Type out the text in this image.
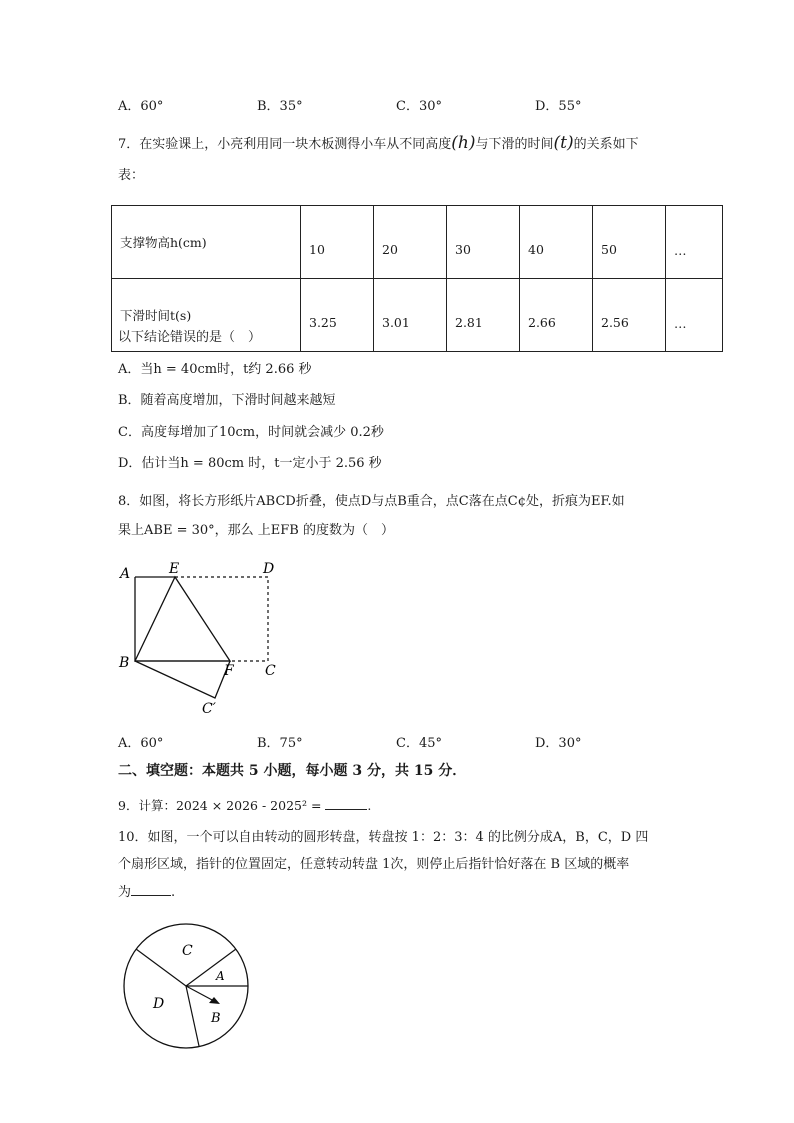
A．60°	B．35°	C．30°	D．55°
7．在实验课上，小亮利用同一块木板测得小车从不同高度(h)与下滑的时间(t)的关系如下
表：
支撑物高h(cm)	10	20	30	40	50	…
下滑时间t(s)	3.25	3.01	2.81	2.66	2.56	…
以下结论错误的是（　）
A．当h = 40cm时，t约 2.66 秒
B．随着高度增加，下滑时间越来越短
C．高度每增加了10cm，时间就会减少 0.2秒
D．估计当h = 80cm 时，t一定小于 2.56 秒
8．如图，将长方形纸片ABCD折叠，使点D与点B重合，点C落在点C¢处，折痕为EF.如
果上ABE = 30°，那么 上EFB 的度数为（　）
A	E	D
B	F C
C′
A．60°	B．75°	C．45°	D．30°
二、填空题：本题共 5 小题，每小题 3 分，共 15 分．
9．计算：2024 × 2026 - 2025² =	.
10．如图，一个可以自由转动的圆形转盘，转盘按 1：2：3：4 的比例分成A，B，C，D 四
个扇形区域，指针的位置固定，任意转动转盘 1次，则停止后指针恰好落在 B 区域的概率
为	.
C
A
D
B
